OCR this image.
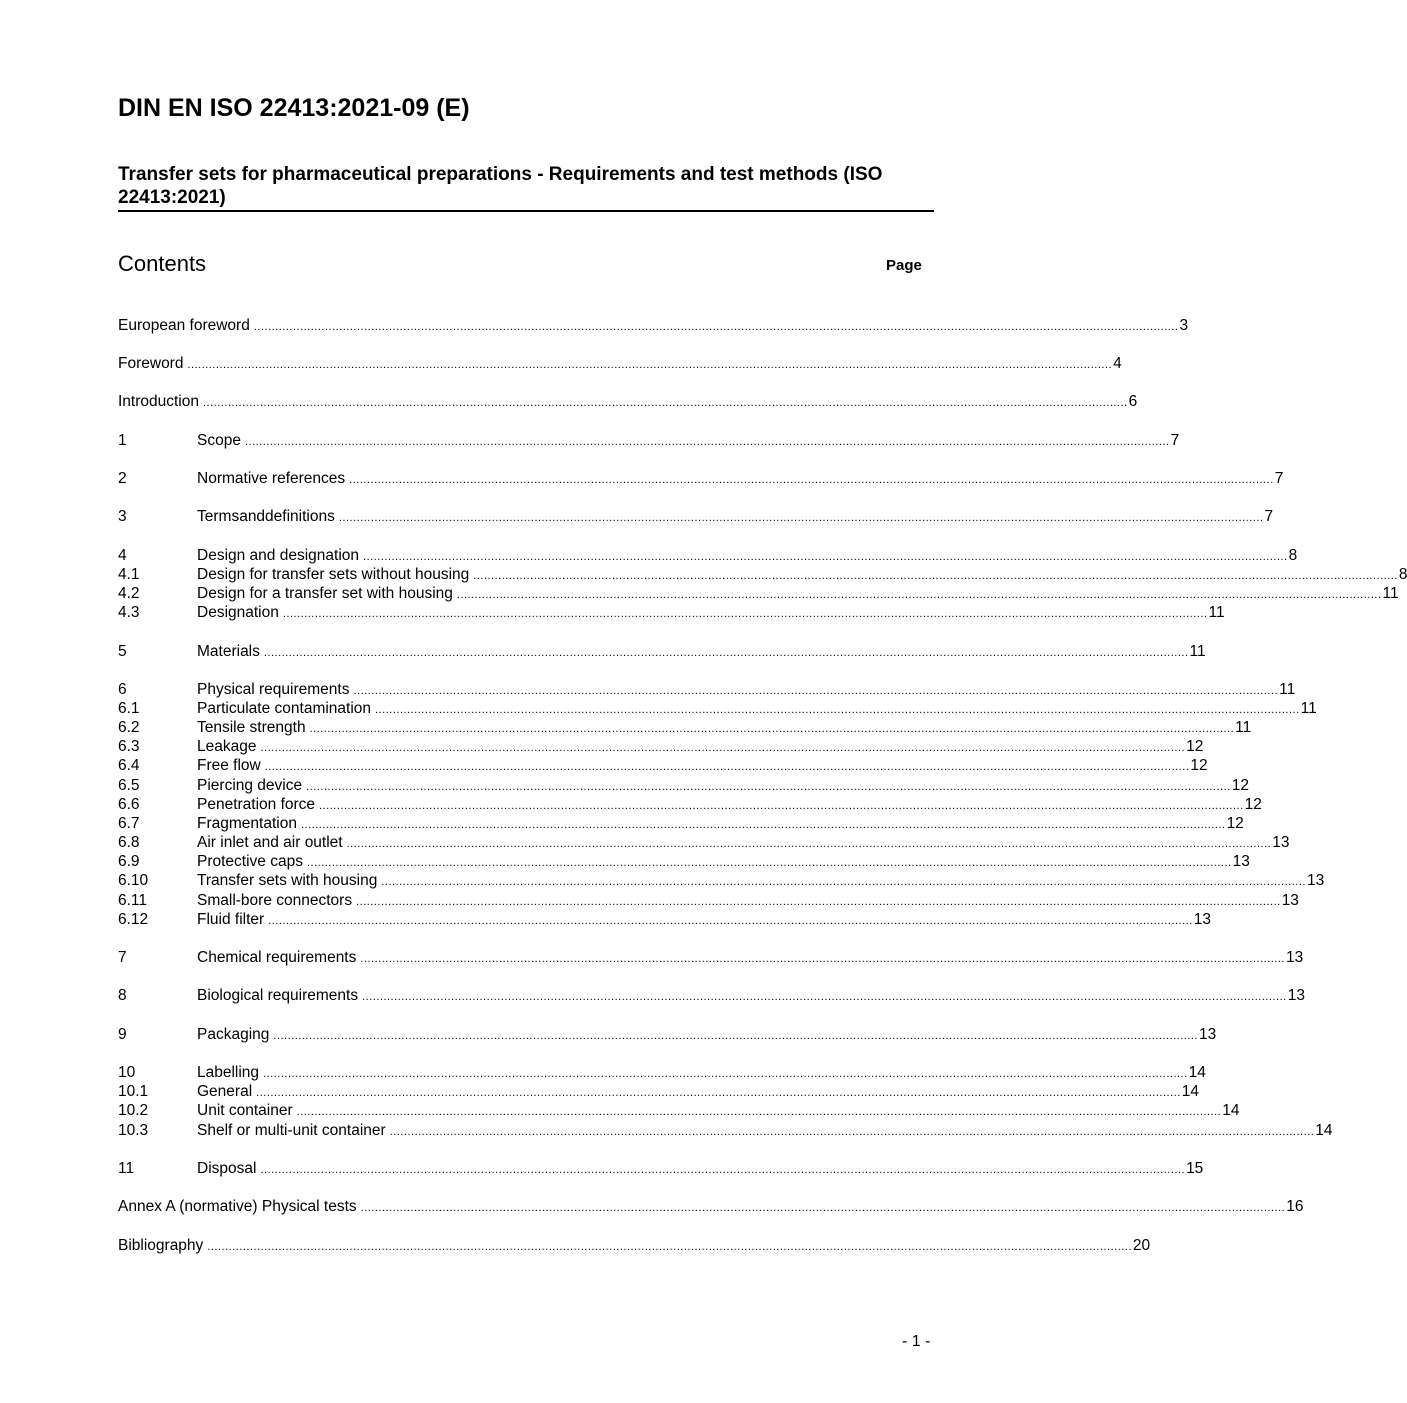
DIN EN ISO 22413:2021-09 (E)
Transfer sets for pharmaceutical preparations - Requirements and test methods (ISO 22413:2021)
Contents	Page
European foreword .................................................................................................................................................................................................................................................................... 3
Foreword .................................................................................................................................................................................................................................................................... 4
Introduction .................................................................................................................................................................................................................................................................... 6
1	Scope .................................................................................................................................................................................................................................................................... 7
2	Normative references .................................................................................................................................................................................................................................................................... 7
3	Termsanddefinitions .................................................................................................................................................................................................................................................................... 7
4	Design and designation .................................................................................................................................................................................................................................................................... 8
4.1	Design for transfer sets without housing .................................................................................................................................................................................................................................................................... 8
4.2	Design for a transfer set with housing .................................................................................................................................................................................................................................................................... 11
4.3	Designation .................................................................................................................................................................................................................................................................... 11
5	Materials .................................................................................................................................................................................................................................................................... 11
6	Physical requirements .................................................................................................................................................................................................................................................................... 11
6.1	Particulate contamination .................................................................................................................................................................................................................................................................... 11
6.2	Tensile strength .................................................................................................................................................................................................................................................................... 11
6.3	Leakage .................................................................................................................................................................................................................................................................... 12
6.4	Free flow .................................................................................................................................................................................................................................................................... 12
6.5	Piercing device .................................................................................................................................................................................................................................................................... 12
6.6	Penetration force .................................................................................................................................................................................................................................................................... 12
6.7	Fragmentation .................................................................................................................................................................................................................................................................... 12
6.8	Air inlet and air outlet .................................................................................................................................................................................................................................................................... 13
6.9	Protective caps .................................................................................................................................................................................................................................................................... 13
6.10	Transfer sets with housing .................................................................................................................................................................................................................................................................... 13
6.11	Small-bore connectors .................................................................................................................................................................................................................................................................... 13
6.12	Fluid filter .................................................................................................................................................................................................................................................................... 13
7	Chemical requirements .................................................................................................................................................................................................................................................................... 13
8	Biological requirements .................................................................................................................................................................................................................................................................... 13
9	Packaging .................................................................................................................................................................................................................................................................... 13
10	Labelling .................................................................................................................................................................................................................................................................... 14
10.1	General .................................................................................................................................................................................................................................................................... 14
10.2	Unit container .................................................................................................................................................................................................................................................................... 14
10.3	Shelf or multi-unit container .................................................................................................................................................................................................................................................................... 14
11	Disposal .................................................................................................................................................................................................................................................................... 15
Annex A (normative) Physical tests .................................................................................................................................................................................................................................................................... 16
Bibliography .................................................................................................................................................................................................................................................................... 20
- 1 -
